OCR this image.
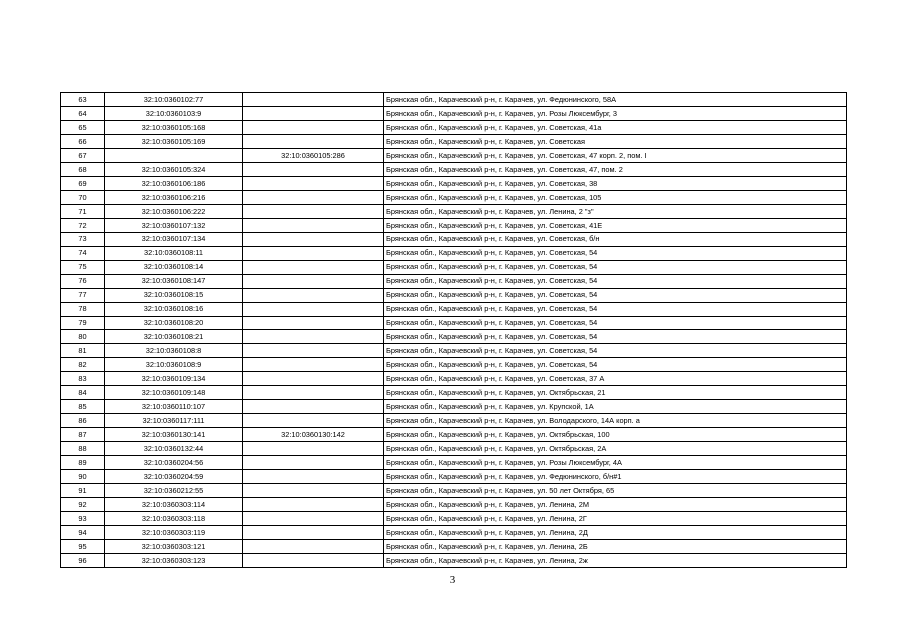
63	32:10:0360102:77		Брянская обл., Карачевский р-н, г. Карачев, ул. Федюнинского, 58А
64	32:10:0360103:9		Брянская обл., Карачевский р-н, г. Карачев, ул. Розы Люксембург, 3
65	32:10:0360105:168		Брянская обл., Карачевский р-н, г. Карачев, ул. Советская, 41а
66	32:10:0360105:169		Брянская обл., Карачевский р-н, г. Карачев, ул. Советская
67		32:10:0360105:286	Брянская обл., Карачевский р-н, г. Карачев, ул. Советская, 47 корп. 2, пом. I
68	32:10:0360105:324		Брянская обл., Карачевский р-н, г. Карачев, ул. Советская, 47, пом. 2
69	32:10:0360106:186		Брянская обл., Карачевский р-н, г. Карачев, ул. Советская, 38
70	32:10:0360106:216		Брянская обл., Карачевский р-н, г. Карачев, ул. Советская, 105
71	32:10:0360106:222		Брянская обл., Карачевский р-н, г. Карачев, ул. Ленина, 2 "з"
72	32:10:0360107:132		Брянская обл., Карачевский р-н, г. Карачев, ул. Советская, 41Е
73	32:10:0360107:134		Брянская обл., Карачевский р-н, г. Карачев, ул. Советская, б/н
74	32:10:0360108:11		Брянская обл., Карачевский р-н, г. Карачев, ул. Советская, 54
75	32:10:0360108:14		Брянская обл., Карачевский р-н, г. Карачев, ул. Советская, 54
76	32:10:0360108:147		Брянская обл., Карачевский р-н, г. Карачев, ул. Советская, 54
77	32:10:0360108:15		Брянская обл., Карачевский р-н, г. Карачев, ул. Советская, 54
78	32:10:0360108:16		Брянская обл., Карачевский р-н, г. Карачев, ул. Советская, 54
79	32:10:0360108:20		Брянская обл., Карачевский р-н, г. Карачев, ул. Советская, 54
80	32:10:0360108:21		Брянская обл., Карачевский р-н, г. Карачев, ул. Советская, 54
81	32:10:0360108:8		Брянская обл., Карачевский р-н, г. Карачев, ул. Советская, 54
82	32:10:0360108:9		Брянская обл., Карачевский р-н, г. Карачев, ул. Советская, 54
83	32:10:0360109:134		Брянская обл., Карачевский р-н, г. Карачев, ул. Советская, 37 А
84	32:10:0360109:148		Брянская обл., Карачевский р-н, г. Карачев, ул. Октябрьская, 21
85	32:10:0360110:107		Брянская обл., Карачевский р-н, г. Карачев, ул. Крупской, 1А
86	32:10:0360117:111		Брянская обл., Карачевский р-н, г. Карачев, ул. Володарского, 14А корп. а
87	32:10:0360130:141	32:10:0360130:142	Брянская обл., Карачевский р-н, г. Карачев, ул. Октябрьская, 100
88	32:10:0360132:44		Брянская обл., Карачевский р-н, г. Карачев, ул. Октябрьская, 2А
89	32:10:0360204:56		Брянская обл., Карачевский р-н, г. Карачев, ул. Розы Люксембург, 4А
90	32:10:0360204:59		Брянская обл., Карачевский р-н, г. Карачев, ул. Федюнинского, б/н#1
91	32:10:0360212:55		Брянская обл., Карачевский р-н, г. Карачев, ул. 50 лет Октября, 65
92	32:10:0360303:114		Брянская обл., Карачевский р-н, г. Карачев, ул. Ленина, 2М
93	32:10:0360303:118		Брянская обл., Карачевский р-н, г. Карачев, ул. Ленина, 2Г
94	32:10:0360303:119		Брянская обл., Карачевский р-н, г. Карачев, ул. Ленина, 2Д
95	32:10:0360303:121		Брянская обл., Карачевский р-н, г. Карачев, ул. Ленина, 2Б
96	32:10:0360303:123		Брянская обл., Карачевский р-н, г. Карачев, ул. Ленина, 2ж
3
